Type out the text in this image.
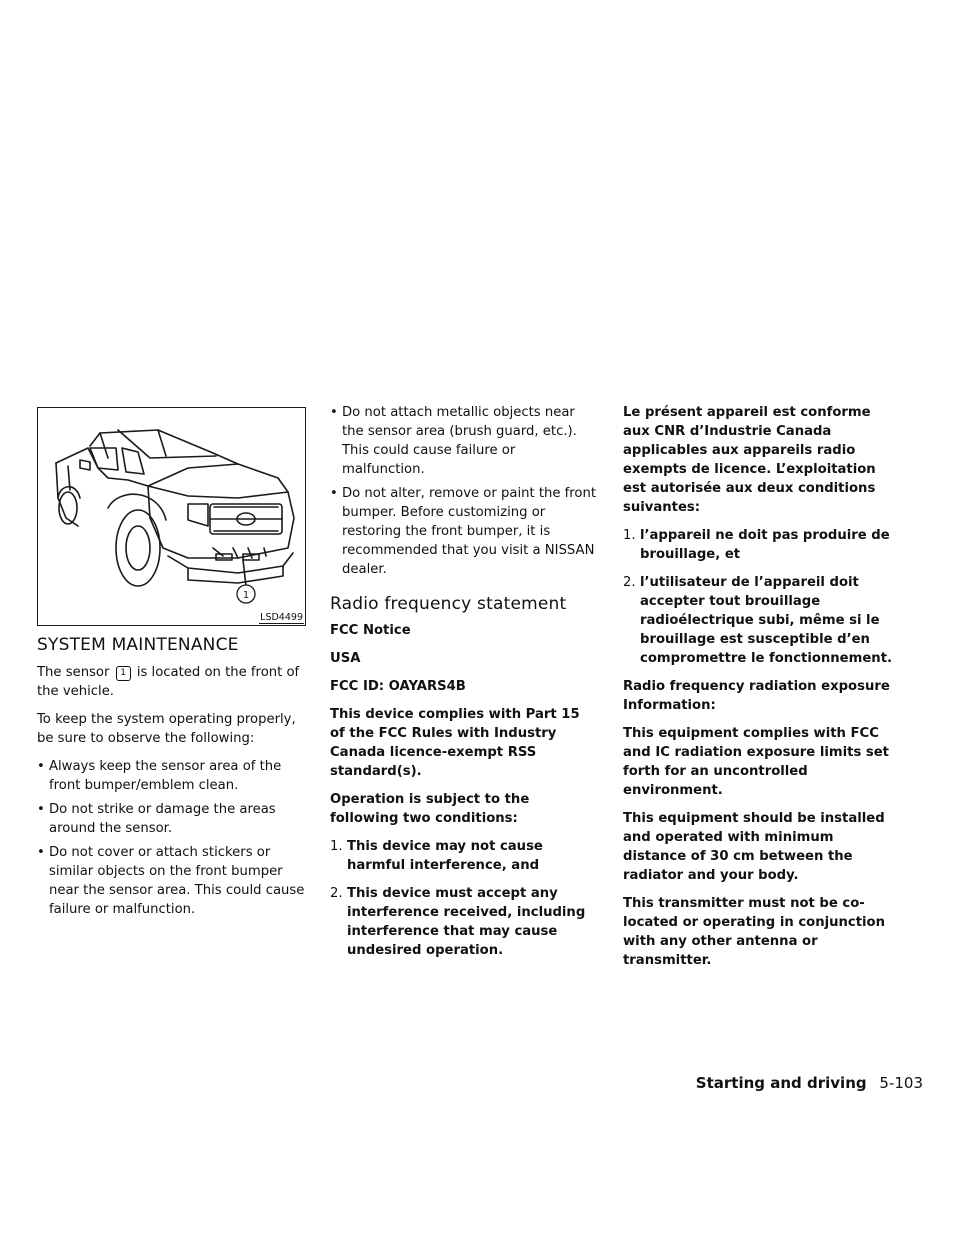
1
LSD4499
SYSTEM MAINTENANCE

The sensor 1 is located on the front of the vehicle.

To keep the system operating properly, be sure to observe the following:

• Always keep the sensor area of the front bumper/emblem clean.
• Do not strike or damage the areas around the sensor.
• Do not cover or attach stickers or similar objects on the front bumper near the sensor area. This could cause failure or malfunction.
• Do not attach metallic objects near the sensor area (brush guard, etc.). This could cause failure or malfunction.
• Do not alter, remove or paint the front bumper. Before customizing or restoring the front bumper, it is recommended that you visit a NISSAN dealer.
Radio frequency statement

FCC Notice

USA

FCC ID: OAYARS4B

This device complies with Part 15 of the FCC Rules with Industry Canada licence-exempt RSS standard(s).

Operation is subject to the following two conditions:

1. This device may not cause harmful interference, and
2. This device must accept any interference received, including interference that may cause undesired operation.

Le présent appareil est conforme aux CNR d’Industrie Canada applicables aux appareils radio exempts de licence. L’exploitation est autorisée aux deux conditions suivantes:

1. l’appareil ne doit pas produire de brouillage, et
2. l’utilisateur de l’appareil doit accepter tout brouillage radioélectrique subi, même si le brouillage est susceptible d’en compromettre le fonctionnement.

Radio frequency radiation exposure Information:

This equipment complies with FCC and IC radiation exposure limits set forth for an uncontrolled environment.

This equipment should be installed and operated with minimum distance of 30 cm between the radiator and your body.

This transmitter must not be co-located or operating in conjunction with any other antenna or transmitter.

Starting and driving 5-103
